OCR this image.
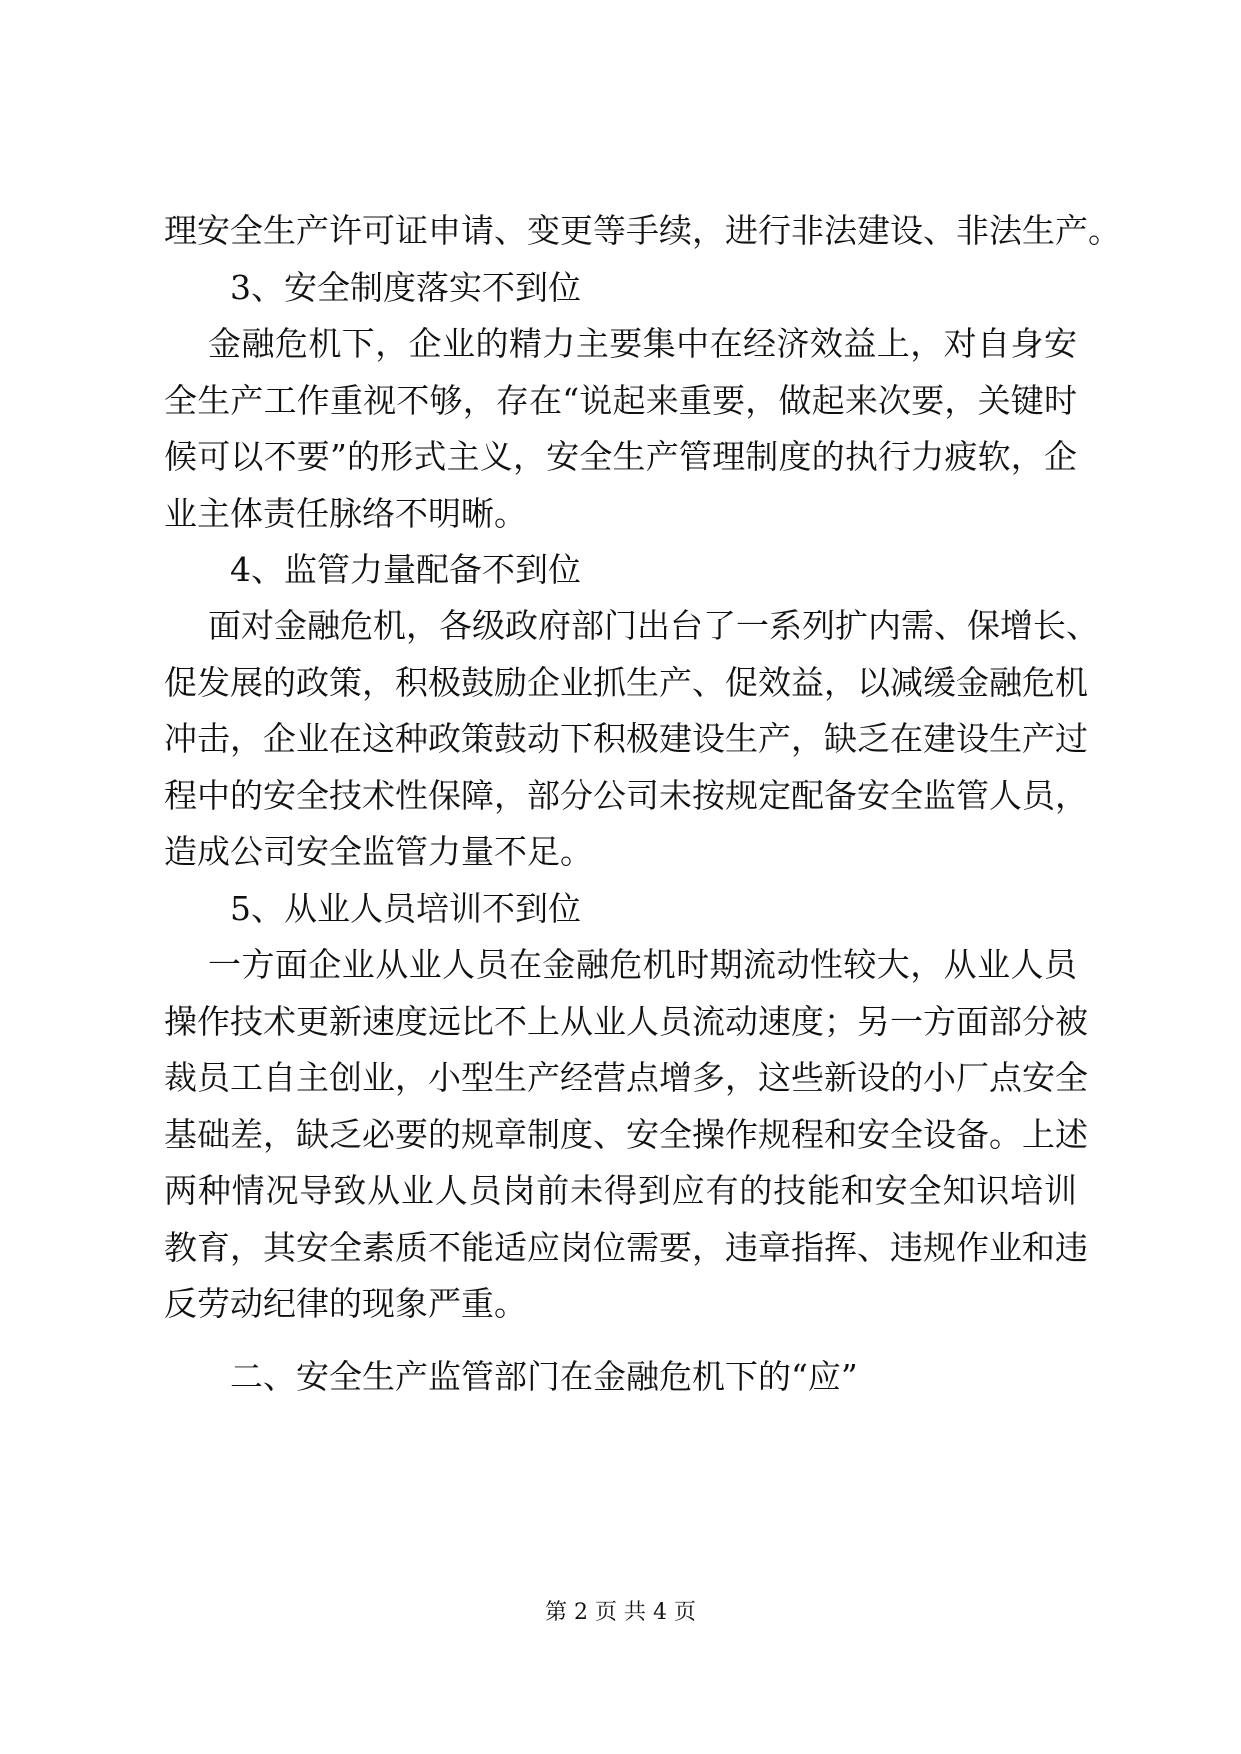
理安全生产许可证申请、变更等手续，进行非法建设、非法生产。
3、安全制度落实不到位
金融危机下，企业的精力主要集中在经济效益上，对自身安
全生产工作重视不够，存在“说起来重要，做起来次要，关键时
候可以不要”的形式主义，安全生产管理制度的执行力疲软，企
业主体责任脉络不明晰。
4、监管力量配备不到位
面对金融危机，各级政府部门出台了一系列扩内需、保增长、
促发展的政策，积极鼓励企业抓生产、促效益，以减缓金融危机
冲击，企业在这种政策鼓动下积极建设生产，缺乏在建设生产过
程中的安全技术性保障，部分公司未按规定配备安全监管人员，
造成公司安全监管力量不足。
5、从业人员培训不到位
一方面企业从业人员在金融危机时期流动性较大，从业人员
操作技术更新速度远比不上从业人员流动速度；另一方面部分被
裁员工自主创业，小型生产经营点增多，这些新设的小厂点安全
基础差，缺乏必要的规章制度、安全操作规程和安全设备。上述
两种情况导致从业人员岗前未得到应有的技能和安全知识培训
教育，其安全素质不能适应岗位需要，违章指挥、违规作业和违
反劳动纪律的现象严重。
二、安全生产监管部门在金融危机下的“应”
第 2 页 共 4 页
